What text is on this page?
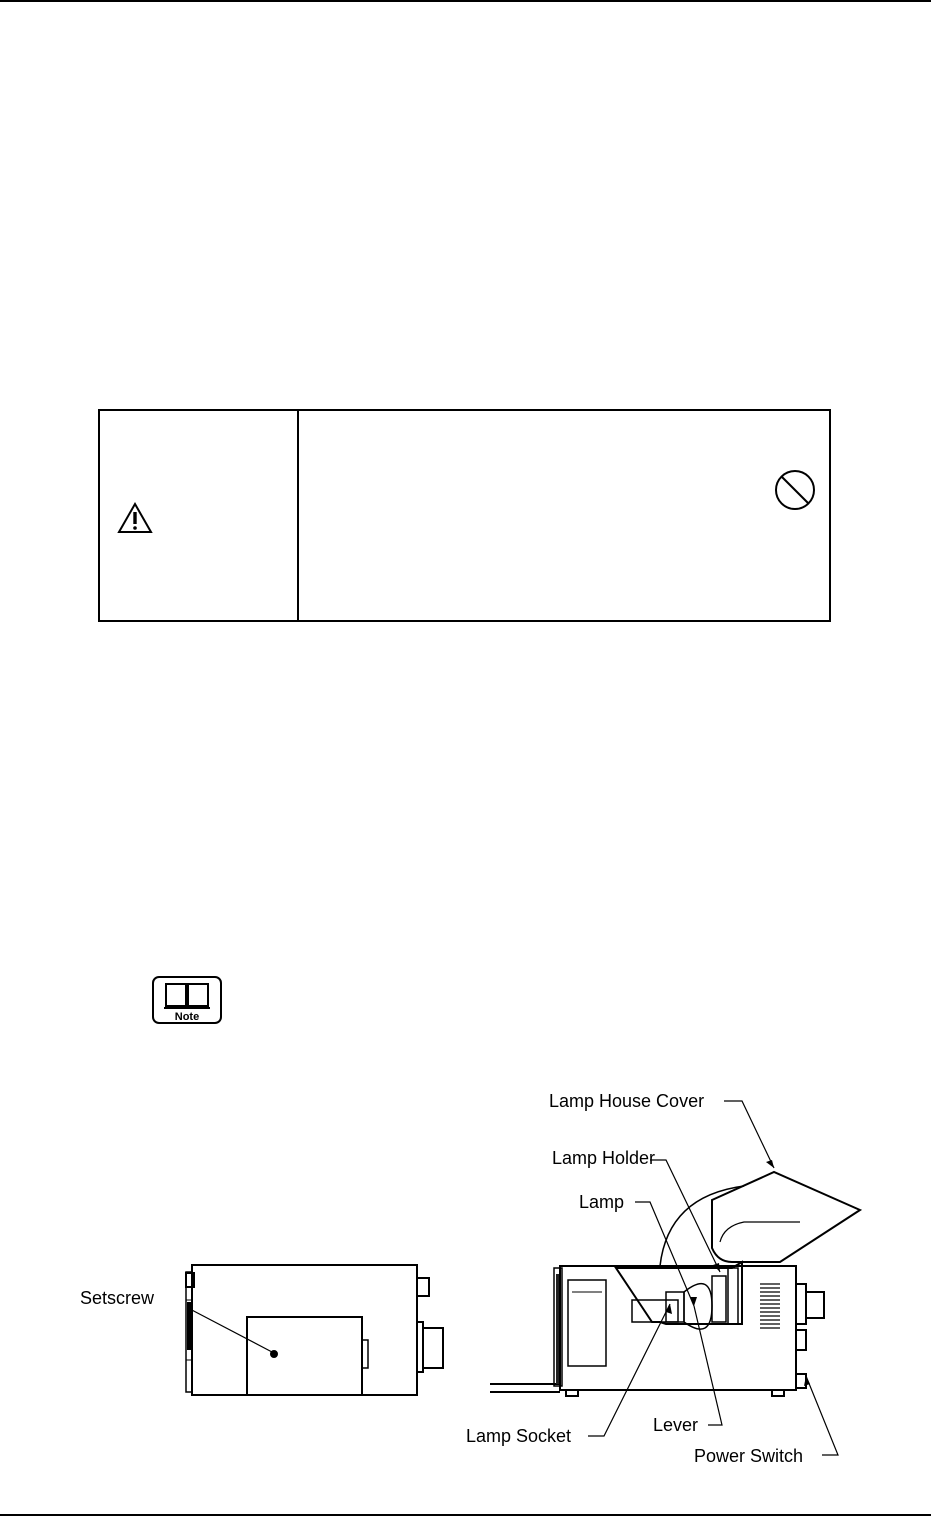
Note
Setscrew
Lamp House Cover
Lamp Holder
Lamp
Lamp Socket
Lever
Power Switch
